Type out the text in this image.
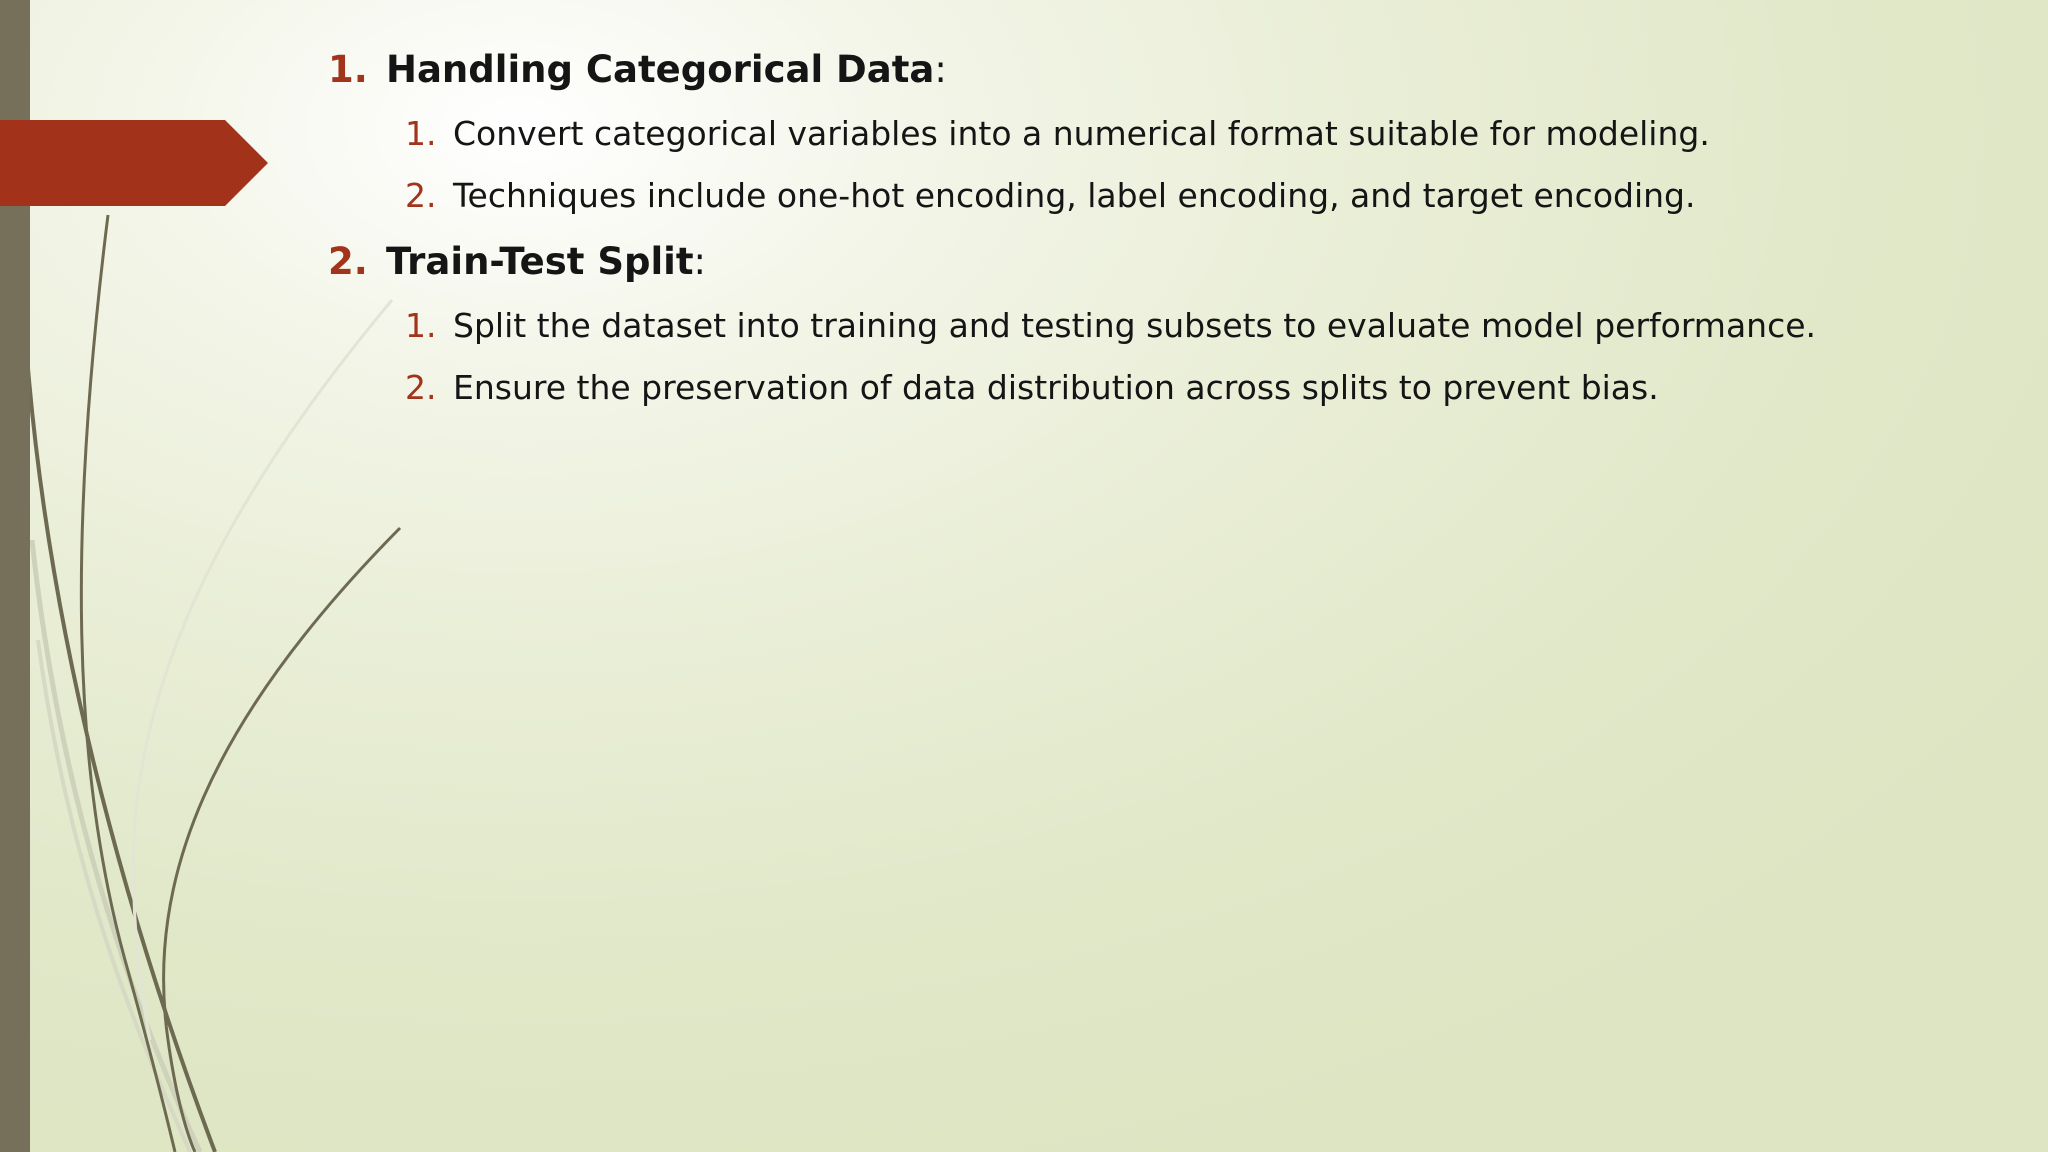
1. Handling Categorical Data:
1. Convert categorical variables into a numerical format suitable for modeling.
2. Techniques include one-hot encoding, label encoding, and target encoding.
2. Train-Test Split:
1. Split the dataset into training and testing subsets to evaluate model performance.
2. Ensure the preservation of data distribution across splits to prevent bias.
